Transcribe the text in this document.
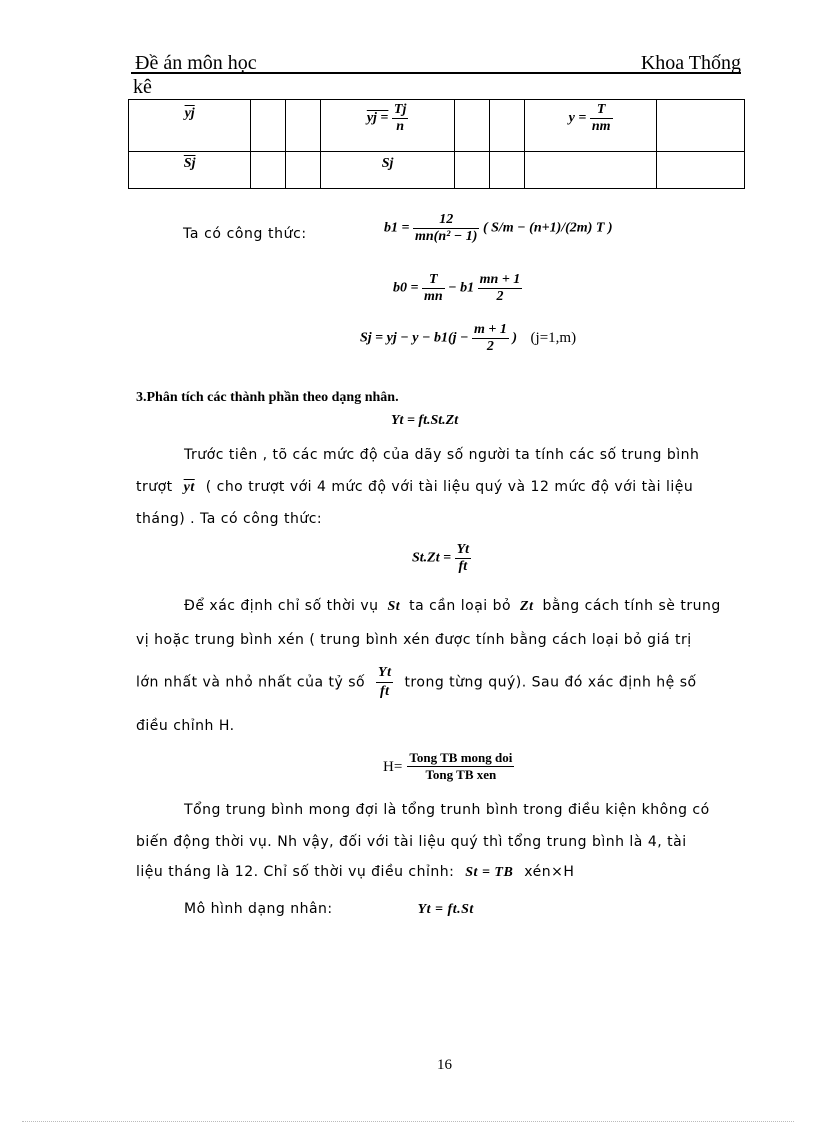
Đề án môn học	Khoa Thống
kê
$\overline{yj}$			yj = $\frac{Tj}{n}$			$y = \frac{T}{nm}$

$\overline{Sj}$			Sj				
Ta có công thức:	$b1 = \frac{12}{\text{mn(n² − 1)}}$ ( S/m − (n+1)/(2m) T )
$b0 = \frac{T}{mn} - b1 \frac{mn + 1}{2}$
Sj = yj − $y - b1(j - \frac{m + 1}{2}$ ) (j=1,m)
3.Phân tích các thành phần theo dạng nhân.
Yt = ft.St.Zt
Trước tiên , tõ các mức độ của dãy số người ta tính các số trung bình
trượt $\overline{yt}$ ( cho trượt với 4 mức độ với tài liệu quý và 12 mức độ với tài liệu
tháng) . Ta có công thức:
$St.Zt = \frac{Yt}{ft}$
Để xác định chỉ số thời vụ St ta cần loại bỏ Zt bằng cách tính sè trung
vị hoặc trung bình xén ( trung bình xén được tính bằng cách loại bỏ giá trị
lớn nhất và nhỏ nhất của tỷ số $\frac{Yt}{ft}$ trong từng quý). Sau đó xác định hệ số
điều chỉnh H.
$H= \frac{\text{Tong TB mong doi}}{\text{Tong TB xen}}$
Tổng trung bình mong đợi là tổng trunh bình trong điều kiện không có
biến động thời vụ. Nh vậy, đối với tài liệu quý thì tổng trung bình là 4, tài
liệu tháng là 12. Chỉ số thời vụ điều chỉnh: St = TB xén×H
Mô hình dạng nhân:	Yt = ft.St
16
